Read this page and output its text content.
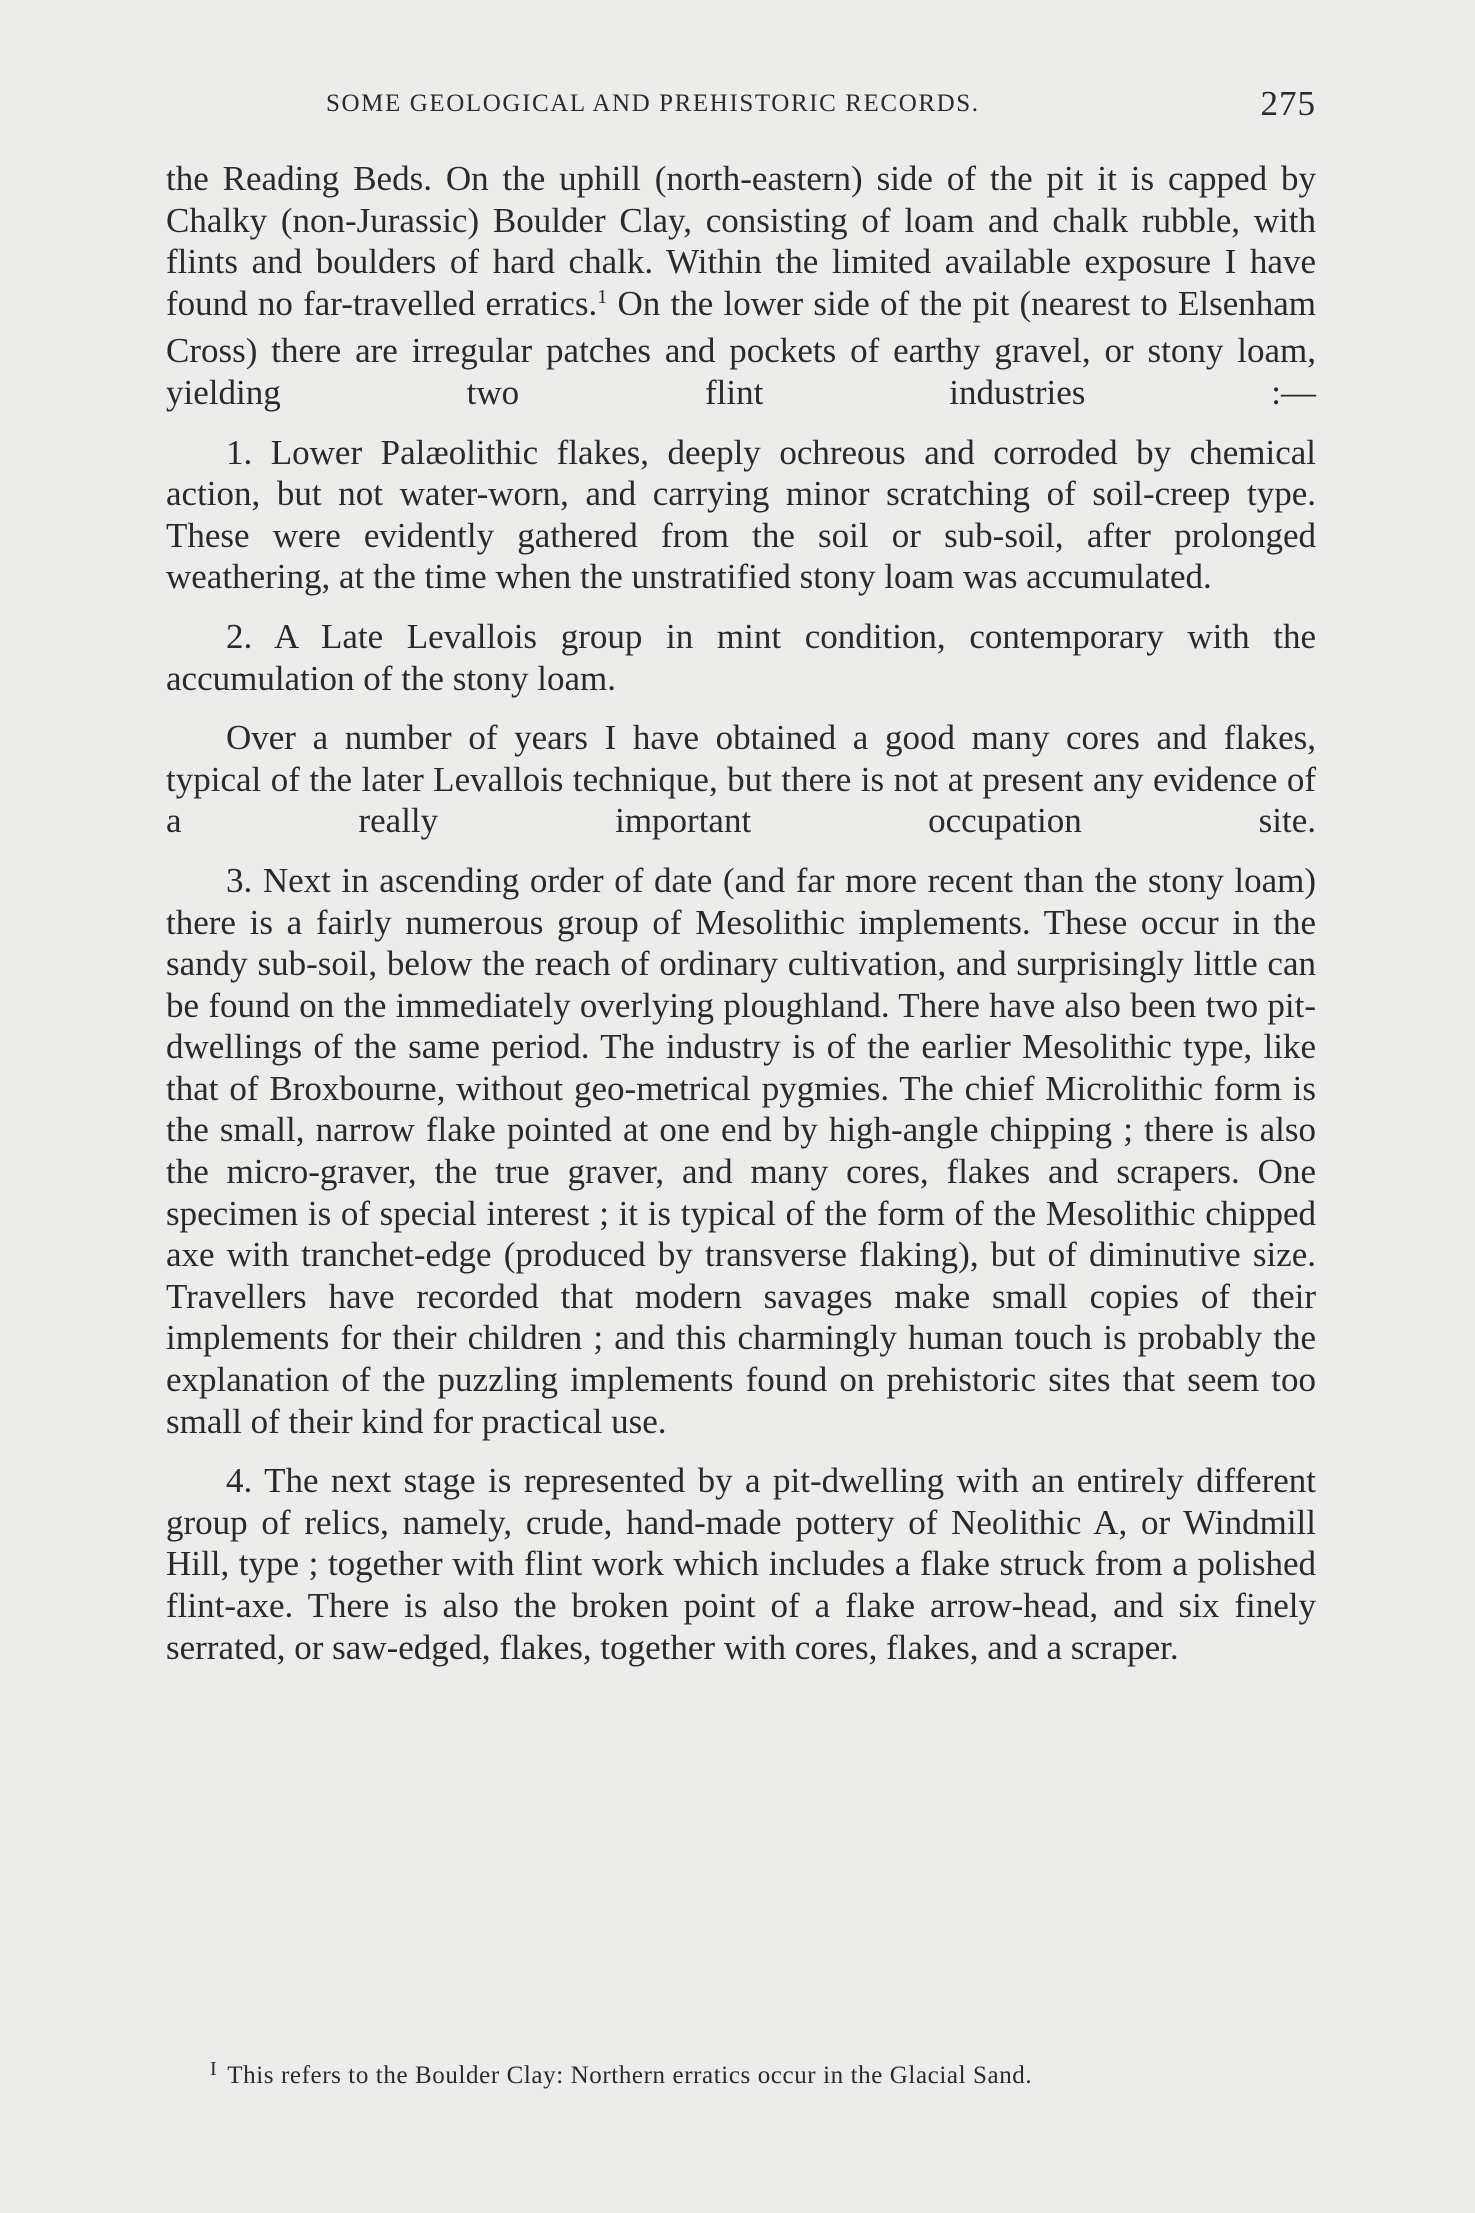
SOME GEOLOGICAL AND PREHISTORIC RECORDS.	275

the Reading Beds. On the uphill (north-eastern) side of the pit it is capped by Chalky (non-Jurassic) Boulder Clay, consisting of loam and chalk rubble, with flints and boulders of hard chalk. Within the limited available exposure I have found no far-travelled erratics.$^1$ On the lower side of the pit (nearest to Elsenham Cross) there are irregular patches and pockets of earthy gravel, or stony loam, yielding two flint industries :—

1. Lower Palæolithic flakes, deeply ochreous and corroded by chemical action, but not water-worn, and carrying minor scratching of soil-creep type. These were evidently gathered from the soil or sub-soil, after prolonged weathering, at the time when the unstratified stony loam was accumulated.

2. A Late Levallois group in mint condition, contemporary with the accumulation of the stony loam.

Over a number of years I have obtained a good many cores and flakes, typical of the later Levallois technique, but there is not at present any evidence of a really important occupation site.

3. Next in ascending order of date (and far more recent than the stony loam) there is a fairly numerous group of Mesolithic implements. These occur in the sandy sub-soil, below the reach of ordinary cultivation, and surprisingly little can be found on the immediately overlying ploughland. There have also been two pit-dwellings of the same period. The industry is of the earlier Mesolithic type, like that of Broxbourne, without geo-metrical pygmies. The chief Microlithic form is the small, narrow flake pointed at one end by high-angle chipping ; there is also the micro-graver, the true graver, and many cores, flakes and scrapers. One specimen is of special interest ; it is typical of the form of the Mesolithic chipped axe with tranchet-edge (produced by transverse flaking), but of diminutive size. Travellers have recorded that modern savages make small copies of their implements for their children ; and this charmingly human touch is probably the explanation of the puzzling implements found on prehistoric sites that seem too small of their kind for practical use.

4. The next stage is represented by a pit-dwelling with an entirely different group of relics, namely, crude, hand-made pottery of Neolithic A, or Windmill Hill, type ; together with flint work which includes a flake struck from a polished flint-axe. There is also the broken point of a flake arrow-head, and six finely serrated, or saw-edged, flakes, together with cores, flakes, and a scraper.

$^I$ This refers to the Boulder Clay: Northern erratics occur in the Glacial Sand.
